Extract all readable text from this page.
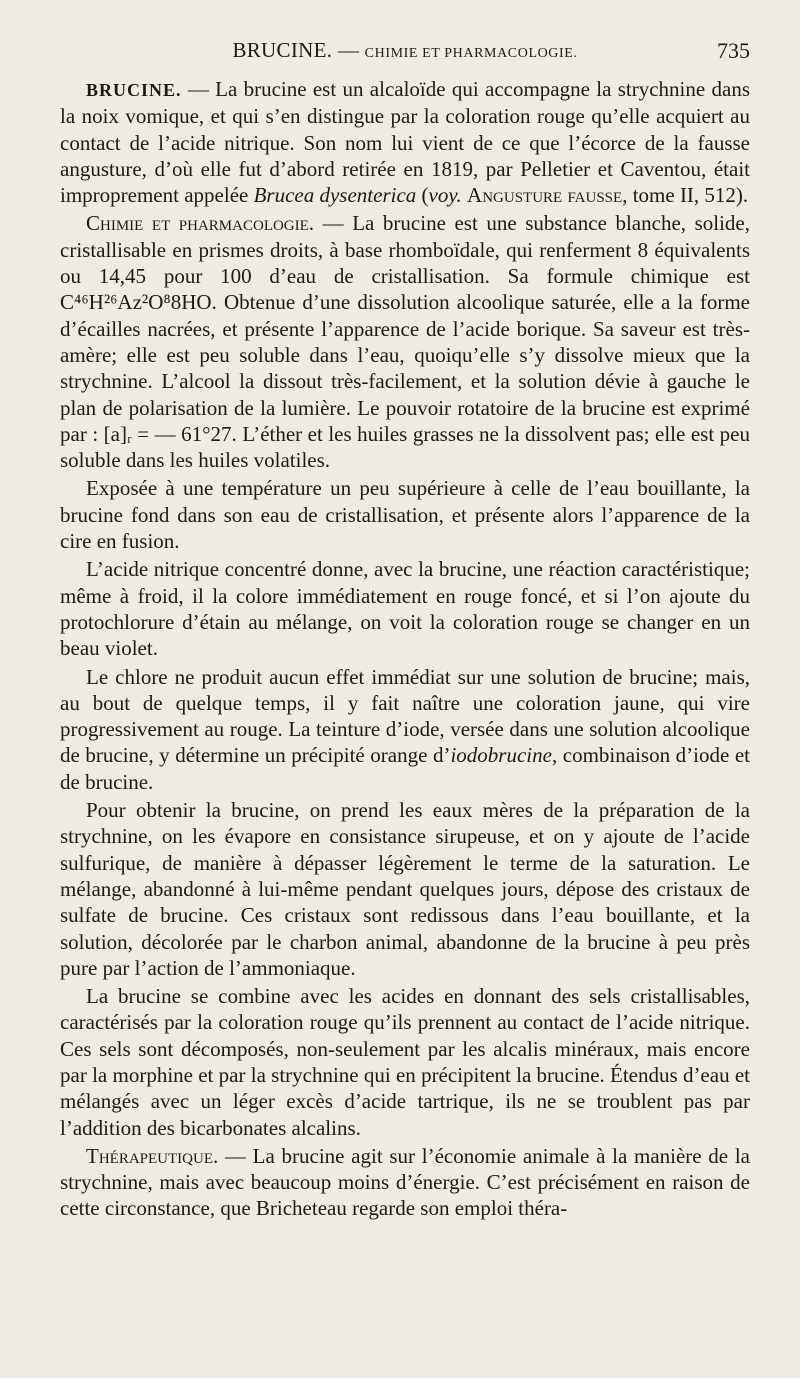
BRUCINE. — CHIMIE ET PHARMACOLOGIE.	735

BRUCINE. — La brucine est un alcaloïde qui accompagne la strychnine dans la noix vomique, et qui s’en distingue par la coloration rouge qu’elle acquiert au contact de l’acide nitrique. Son nom lui vient de ce que l’écorce de la fausse angusture, d’où elle fut d’abord retirée en 1819, par Pelletier et Caventou, était improprement appelée Brucea dysenterica (voy. Angusture fausse, tome II, 512).

Chimie et pharmacologie. — La brucine est une substance blanche, solide, cristallisable en prismes droits, à base rhomboïdale, qui renferment 8 équivalents ou 14,45 pour 100 d’eau de cristallisation. Sa formule chimique est C⁴⁶H²⁶Az²O⁸8HO. Obtenue d’une dissolution alcoolique saturée, elle a la forme d’écailles nacrées, et présente l’apparence de l’acide borique. Sa saveur est très-amère; elle est peu soluble dans l’eau, quoiqu’elle s’y dissolve mieux que la strychnine. L’alcool la dissout très-facilement, et la solution dévie à gauche le plan de polarisation de la lumière. Le pouvoir rotatoire de la brucine est exprimé par : [a]ᵣ = — 61°27. L’éther et les huiles grasses ne la dissolvent pas; elle est peu soluble dans les huiles volatiles.

Exposée à une température un peu supérieure à celle de l’eau bouillante, la brucine fond dans son eau de cristallisation, et présente alors l’apparence de la cire en fusion.

L’acide nitrique concentré donne, avec la brucine, une réaction caractéristique; même à froid, il la colore immédiatement en rouge foncé, et si l’on ajoute du protochlorure d’étain au mélange, on voit la coloration rouge se changer en un beau violet.

Le chlore ne produit aucun effet immédiat sur une solution de brucine; mais, au bout de quelque temps, il y fait naître une coloration jaune, qui vire progressivement au rouge. La teinture d’iode, versée dans une solution alcoolique de brucine, y détermine un précipité orange d’iodobrucine, combinaison d’iode et de brucine.

Pour obtenir la brucine, on prend les eaux mères de la préparation de la strychnine, on les évapore en consistance sirupeuse, et on y ajoute de l’acide sulfurique, de manière à dépasser légèrement le terme de la saturation. Le mélange, abandonné à lui-même pendant quelques jours, dépose des cristaux de sulfate de brucine. Ces cristaux sont redissous dans l’eau bouillante, et la solution, décolorée par le charbon animal, abandonne de la brucine à peu près pure par l’action de l’ammoniaque.

La brucine se combine avec les acides en donnant des sels cristallisables, caractérisés par la coloration rouge qu’ils prennent au contact de l’acide nitrique. Ces sels sont décomposés, non-seulement par les alcalis minéraux, mais encore par la morphine et par la strychnine qui en précipitent la brucine. Étendus d’eau et mélangés avec un léger excès d’acide tartrique, ils ne se troublent pas par l’addition des bicarbonates alcalins.

Thérapeutique. — La brucine agit sur l’économie animale à la manière de la strychnine, mais avec beaucoup moins d’énergie. C’est précisément en raison de cette circonstance, que Bricheteau regarde son emploi théra-
